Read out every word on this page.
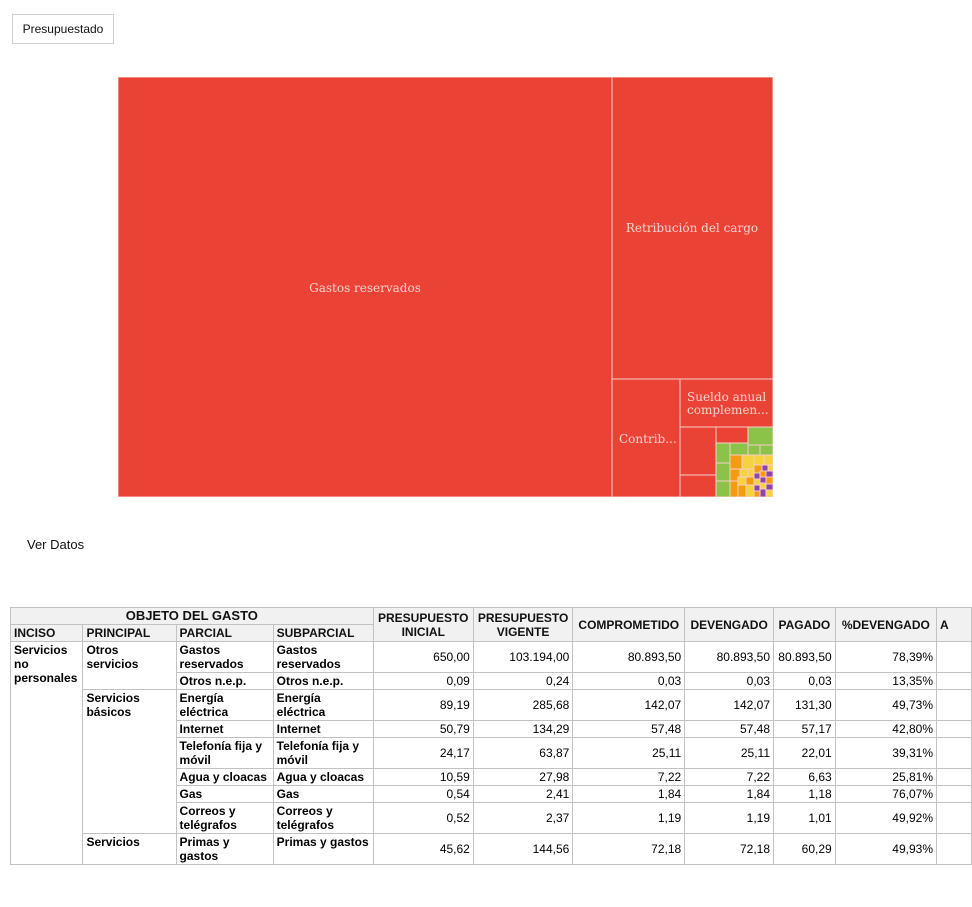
Presupuestado
Gastos reservados
Retribución del cargo
Contrib...
Sueldo anual
complemen...
Ver Datos
OBJETO DEL GASTO				PRESUPUESTO INICIAL	PRESUPUESTO VIGENTE	COMPROMETIDO	DEVENGADO	PAGADO	%DEVENGADO	A
INCISO	PRINCIPAL	PARCIAL	SUBPARCIAL							
Servicios no personales	Otros servicios	Gastos reservados	Gastos reservados	650,00	103.194,00	80.893,50	80.893,50	80.893,50	78,39%	
		Otros n.e.p.	Otros n.e.p.	0,09	0,24	0,03	0,03	0,03	13,35%	
	Servicios básicos	Energía eléctrica	Energía eléctrica	89,19	285,68	142,07	142,07	131,30	49,73%	
		Internet	Internet	50,79	134,29	57,48	57,48	57,17	42,80%	
		Telefonía fija y móvil	Telefonía fija y móvil	24,17	63,87	25,11	25,11	22,01	39,31%	
		Agua y cloacas	Agua y cloacas	10,59	27,98	7,22	7,22	6,63	25,81%	
		Gas	Gas	0,54	2,41	1,84	1,84	1,18	76,07%	
		Correos y telégrafos	Correos y telégrafos	0,52	2,37	1,19	1,19	1,01	49,92%	
	Servicios	Primas y gastos	Primas y gastos	45,62	144,56	72,18	72,18	60,29	49,93%	
